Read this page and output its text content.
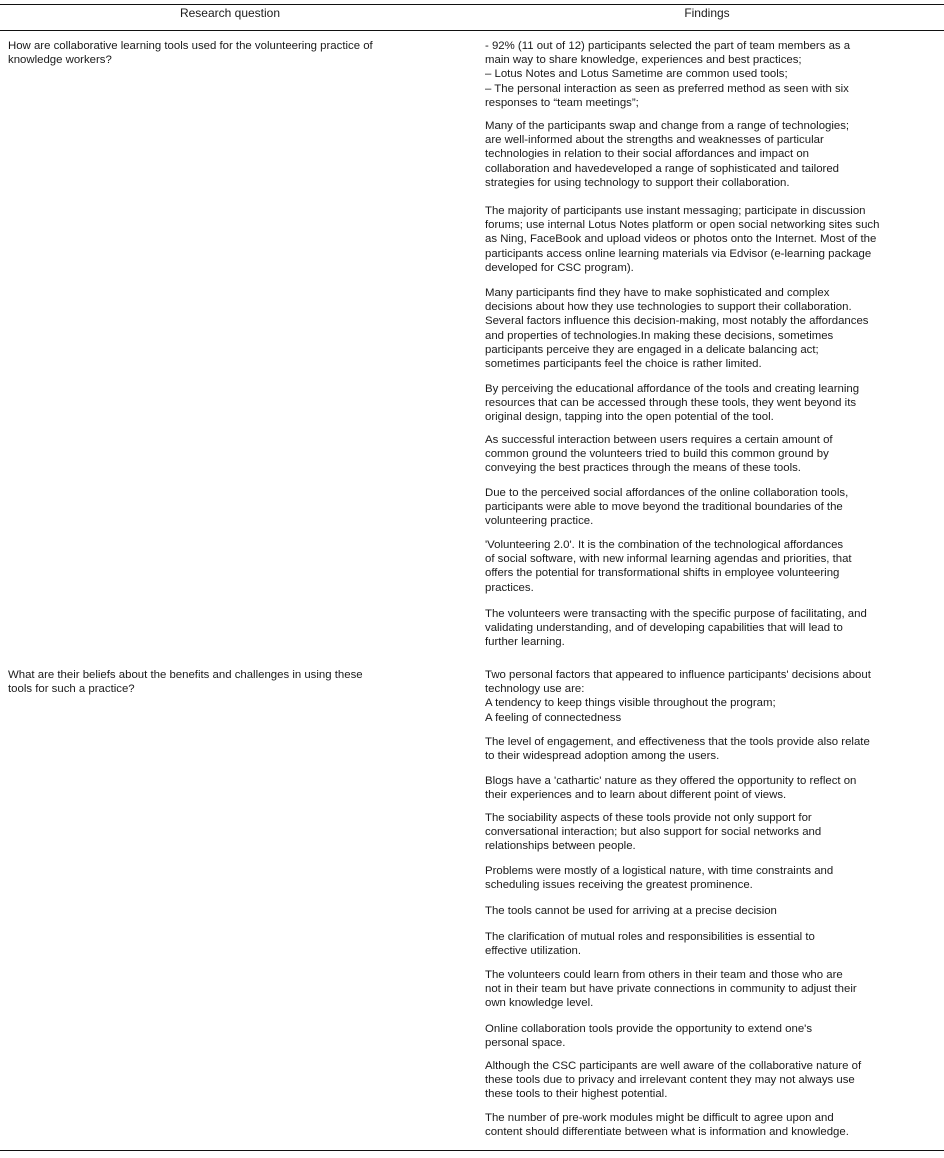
Research question	Findings
How are collaborative learning tools used for the volunteering practice of
knowledge workers?
- 92% (11 out of 12) participants selected the part of team members as a
main way to share knowledge, experiences and best practices;
– Lotus Notes and Lotus Sametime are common used tools;
– The personal interaction as seen as preferred method as seen with six
responses to “team meetings”;
Many of the participants swap and change from a range of technologies;
are well-informed about the strengths and weaknesses of particular
technologies in relation to their social affordances and impact on
collaboration and havedeveloped a range of sophisticated and tailored
strategies for using technology to support their collaboration.
The majority of participants use instant messaging; participate in discussion
forums; use internal Lotus Notes platform or open social networking sites such
as Ning, FaceBook and upload videos or photos onto the Internet. Most of the
participants access online learning materials via Edvisor (e-learning package
developed for CSC program).
Many participants find they have to make sophisticated and complex
decisions about how they use technologies to support their collaboration.
Several factors influence this decision-making, most notably the affordances
and properties of technologies.In making these decisions, sometimes
participants perceive they are engaged in a delicate balancing act;
sometimes participants feel the choice is rather limited.
By perceiving the educational affordance of the tools and creating learning
resources that can be accessed through these tools, they went beyond its
original design, tapping into the open potential of the tool.
As successful interaction between users requires a certain amount of
common ground the volunteers tried to build this common ground by
conveying the best practices through the means of these tools.
Due to the perceived social affordances of the online collaboration tools,
participants were able to move beyond the traditional boundaries of the
volunteering practice.
'Volunteering 2.0'. It is the combination of the technological affordances
of social software, with new informal learning agendas and priorities, that
offers the potential for transformational shifts in employee volunteering
practices.
The volunteers were transacting with the specific purpose of facilitating, and
validating understanding, and of developing capabilities that will lead to
further learning.
What are their beliefs about the benefits and challenges in using these
tools for such a practice?
Two personal factors that appeared to influence participants' decisions about
technology use are:
A tendency to keep things visible throughout the program;
A feeling of connectedness
The level of engagement, and effectiveness that the tools provide also relate
to their widespread adoption among the users.
Blogs have a 'cathartic' nature as they offered the opportunity to reflect on
their experiences and to learn about different point of views.
The sociability aspects of these tools provide not only support for
conversational interaction; but also support for social networks and
relationships between people.
Problems were mostly of a logistical nature, with time constraints and
scheduling issues receiving the greatest prominence.
The tools cannot be used for arriving at a precise decision
The clarification of mutual roles and responsibilities is essential to
effective utilization.
The volunteers could learn from others in their team and those who are
not in their team but have private connections in community to adjust their
own knowledge level.
Online collaboration tools provide the opportunity to extend one's
personal space.
Although the CSC participants are well aware of the collaborative nature of
these tools due to privacy and irrelevant content they may not always use
these tools to their highest potential.
The number of pre-work modules might be difficult to agree upon and
content should differentiate between what is information and knowledge.
